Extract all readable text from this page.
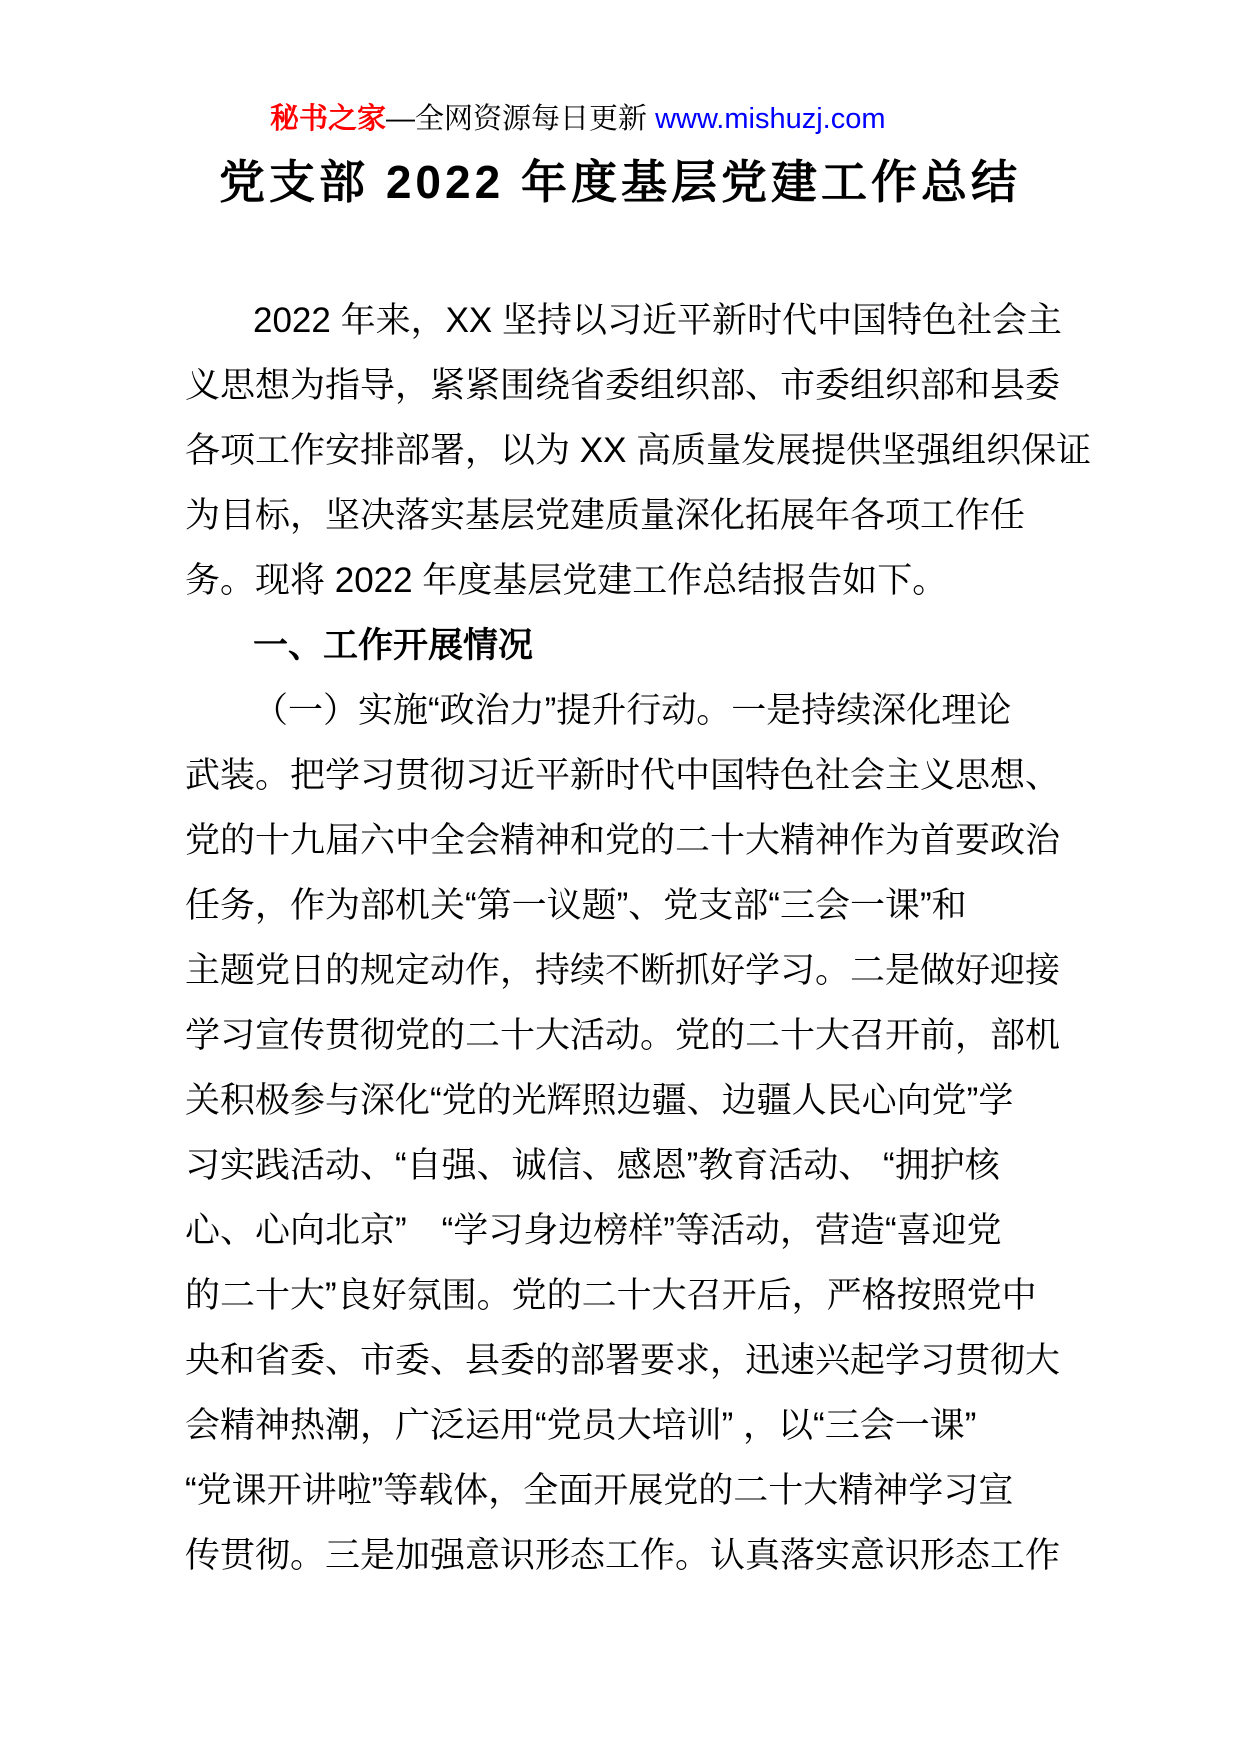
秘书之家—全网资源每日更新 www.mishuzj.com
党支部 2022 年度基层党建工作总结
2022 年来，XX 坚持以习近平新时代中国特色社会主
义思想为指导，紧紧围绕省委组织部、市委组织部和县委
各项工作安排部署，以为 XX 高质量发展提供坚强组织保证
为目标，坚决落实基层党建质量深化拓展年各项工作任
务。现将 2022 年度基层党建工作总结报告如下。
一、工作开展情况
（一）实施“政治力”提升行动。一是持续深化理论
武装。把学习贯彻习近平新时代中国特色社会主义思想、
党的十九届六中全会精神和党的二十大精神作为首要政治
任务，作为部机关“第一议题”、党支部“三会一课”和
主题党日的规定动作，持续不断抓好学习。二是做好迎接
学习宣传贯彻党的二十大活动。党的二十大召开前，部机
关积极参与深化“党的光辉照边疆、边疆人民心向党”学
习实践活动、“自强、诚信、感恩”教育活动、 “拥护核
心、心向北京”　“学习身边榜样”等活动，营造“喜迎党
的二十大”良好氛围。党的二十大召开后，严格按照党中
央和省委、市委、县委的部署要求，迅速兴起学习贯彻大
会精神热潮，广泛运用“党员大培训” ，以“三会一课”
“党课开讲啦”等载体，全面开展党的二十大精神学习宣
传贯彻。三是加强意识形态工作。认真落实意识形态工作
